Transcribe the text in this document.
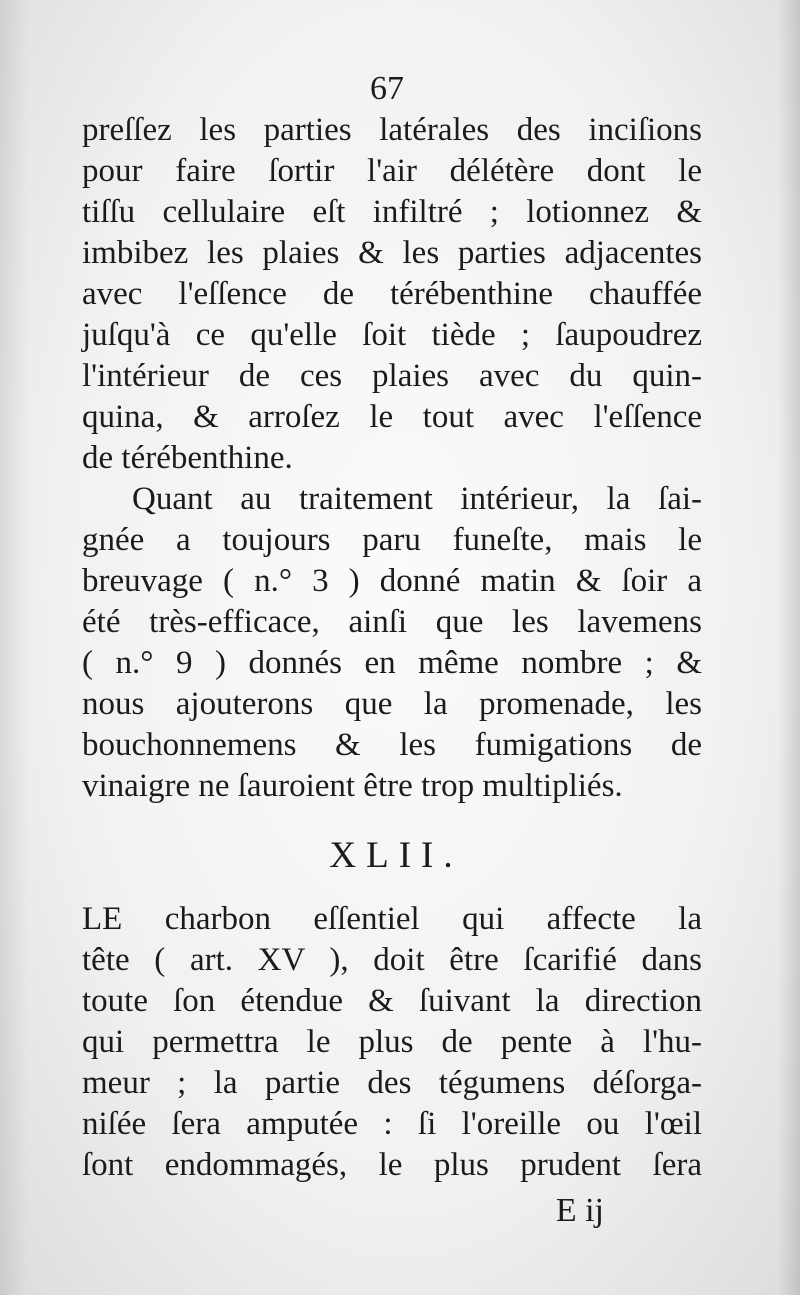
67
preſſez les parties latérales des inciſions
pour faire ſortir l'air délétère dont le
tiſſu cellulaire eſt infiltré ; lotionnez &
imbibez les plaies & les parties adjacentes
avec l'eſſence de térébenthine chauffée
juſqu'à ce qu'elle ſoit tiède ; ſaupoudrez
l'intérieur de ces plaies avec du quin-
quina, & arroſez le tout avec l'eſſence
de térébenthine.
Quant au traitement intérieur, la ſai-
gnée a toujours paru funeſte, mais le
breuvage ( n.° 3 ) donné matin & ſoir a
été très-efficace, ainſi que les lavemens
( n.° 9 ) donnés en même nombre ; &
nous ajouterons que la promenade, les
bouchonnemens & les fumigations de
vinaigre ne ſauroient être trop multipliés.
XLII.
LE charbon eſſentiel qui affecte la
tête ( art. XV ), doit être ſcarifié dans
toute ſon étendue & ſuivant la direction
qui permettra le plus de pente à l'hu-
meur ; la partie des tégumens déſorga-
niſée ſera amputée : ſi l'oreille ou l'œil
ſont endommagés, le plus prudent ſera
E ij
